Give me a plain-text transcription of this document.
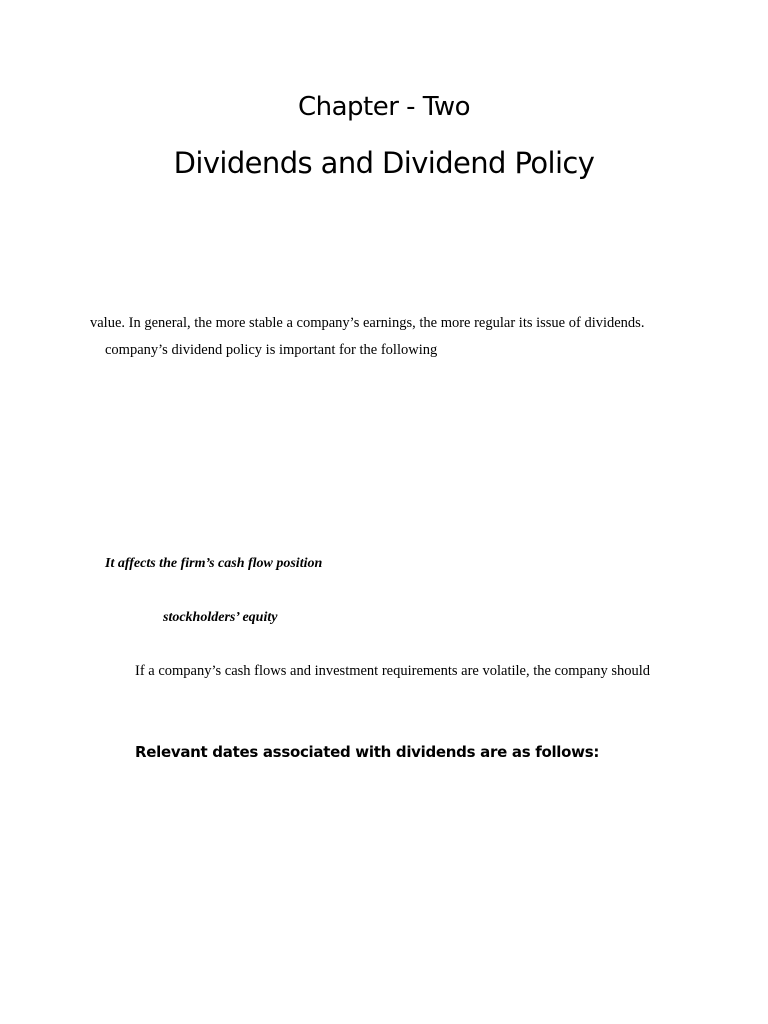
Chapter - Two
Dividends and Dividend Policy
value. In general, the more stable a company’s earnings, the more regular its issue of dividends.
company’s dividend policy is important for the following
It affects the firm’s cash flow position
stockholders’ equity
If a company’s cash flows and investment requirements are volatile, the company should
Relevant dates associated with dividends are as follows:
